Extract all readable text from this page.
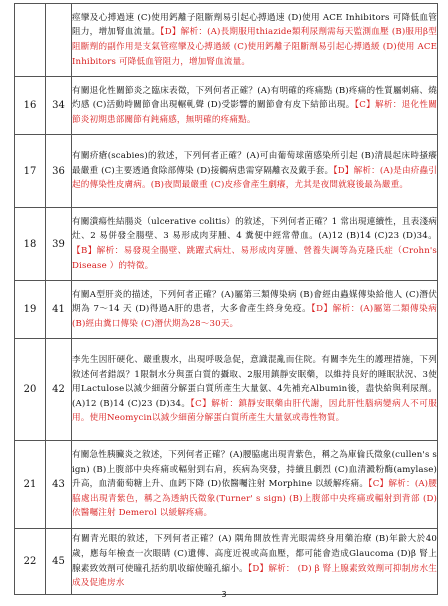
		痙攣及心搏過速 (C)使用鈣離子阻斷劑易引起心搏過速 (D)使用 ACE Inhibitors 可降低血管阻力，增加腎血流量。【D】解析：(A)長期服用thiazide類利尿劑需每天監測血壓 (B)服用β型阻斷劑的副作用是支氣管痙攣及心搏過緩 (C)使用鈣離子阻斷劑易引起心搏過緩 (D)使用 ACE Inhibitors 可降低血管阻力，增加腎血流量。
16	34	有關退化性關節炎之臨床表徵，下列何者正確？(A)有明確的疼痛點 (B)疼痛的性質屬刺痛、燒灼感 (C)活動時關節會出現輾軋聲 (D)受影響的關節會有皮下結節出現。【C】解析：退化性關節炎初期患部關節有鈍痛感，無明確的疼痛點。
17	36	有關疥瘡(scabies)的敘述，下列何者正確？(A)可由葡萄球菌感染所引起 (B)清晨起床時搔癢最嚴重 (C)主要透過食除部傳染 (D)接觸病患需穿隔離衣及戴手套。【D】解析：(A)是由疥蟲引起的傳染性皮膚病。(B)夜間最嚴重 (C)皮疹會產生劇癢，尤其是夜間就寢後最為嚴重。
18	39	有關潰瘍性結腸炎（ulcerative colitis）的敘述，下列何者正確？1 常出現連續性，且表淺病灶、2 易併發全腸壁、3 易形成肉芽腫、4 糞便中經常帶血。(A)12 (B)14 (C)23 (D)34。【B】解析：易發現全腸壁、跳躍式病灶、易形成肉芽腫、營養失調等為克隆氏症（Crohn's Disease ）的特徵。
19	41	有關A型肝炎的描述，下列何者正確？(A)屬第三類傳染病 (B)會經由蟲媒傳染給他人 (C)潛伏期為 7～14 天 (D)得過A肝的患者，大多會產生終身免疫。【D】解析：(A)屬第二類傳染病 (B)經由糞口傳染 (C)潛伏期為28～30天。
20	42	李先生因肝硬化、嚴重腹水，出現呼吸急促，意識混亂而住院。有關李先生的護理措施，下列敘述何者錯誤？1限制水分與蛋白質的攝取、2服用鎮靜安眠藥，以維持良好的睡眠狀況、3使用Lactulose以減少細菌分解蛋白質所產生大量氨、4先補充Albumin後，盡快給與利尿劑。(A)12 (B)14 (C)23 (D)34。【C】解析：鎮靜安眠藥由肝代謝，因此肝性腦病變病人不可服用。使用Neomycin以減少細菌分解蛋白質所產生大量氨或毒性物質。
21	43	有關急性胰臟炎之敘述，下列何者正確？(A)腰脇處出現青紫色，稱之為庫倫氏徵象(cullen's sign) (B)上腹部中央疼痛或輻射到右肩，疾病為突發，持續且劇烈 (C)血清澱粉酶(amylase)升高，血清葡萄糖上升、血鈣下降 (D)依醫囑注射 Morphine 以緩解疼痛。【C】解析：(A)腰脇處出現青紫色，稱之為透納氏徵象(Turner' s sign) (B)上腹部中央疼痛或輻射到背部 (D)依醫囑注射 Demerol 以緩解疼痛。
22	45	有關青光眼的敘述，下列何者正確？(A) 隅角開放性青光眼需終身用藥治療 (B)年齡大於40歲，應每年檢查一次眼睛 (C)遺傳、高度近視或高血壓，都可能會造成Glaucoma (D)β 腎上腺素致效劑可使瞳孔括約肌收縮使瞳孔縮小。【D】解析： (D) β 腎上腺素致效劑可抑制房水生成及促進房水
3
